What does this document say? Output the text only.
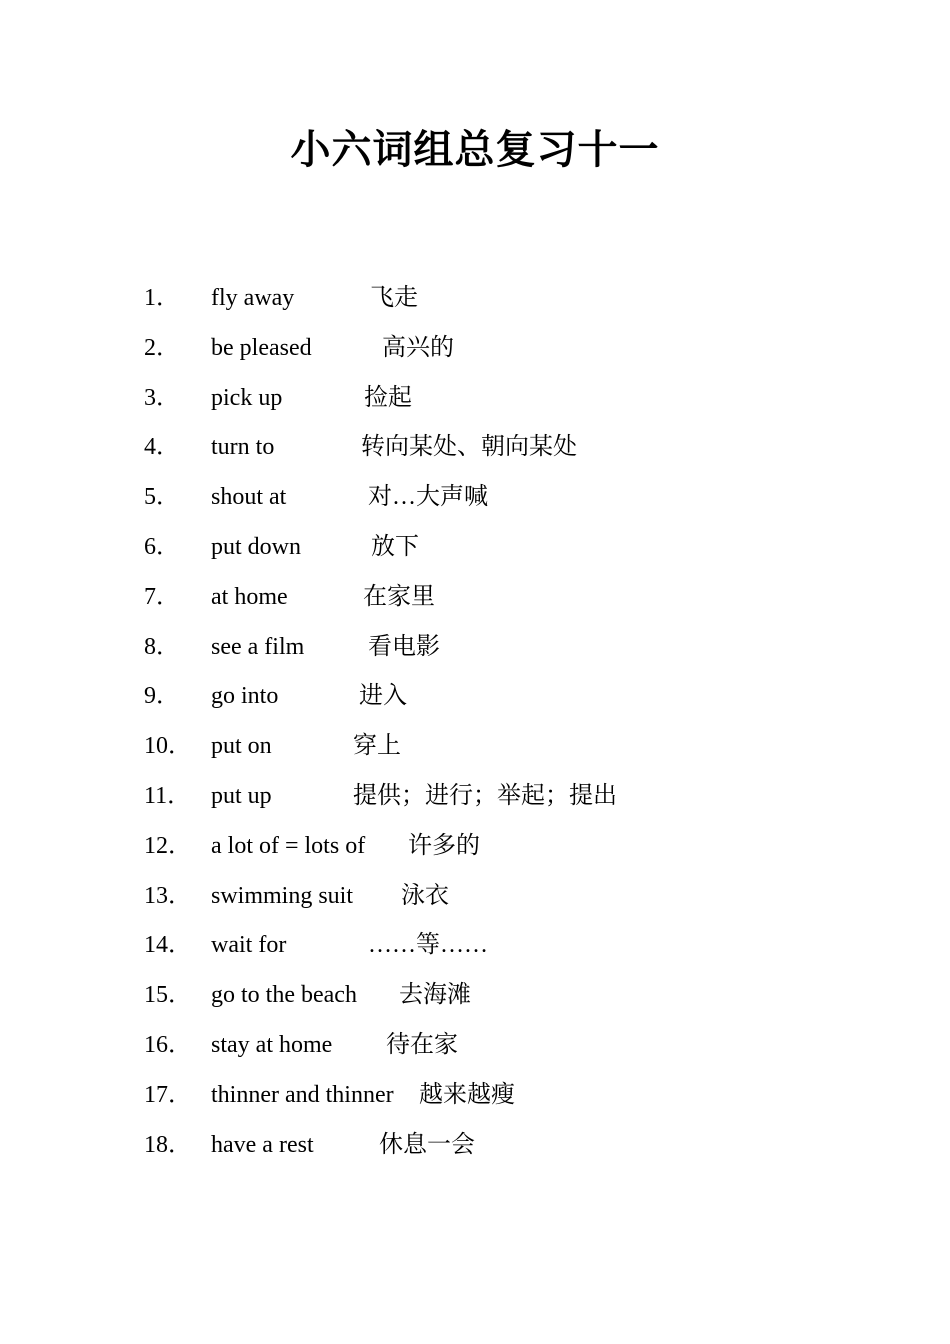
小六词组总复习十一
1． fly away	飞走
2． be pleased	高兴的
3． pick up	捡起
4． turn to	转向某处、朝向某处
5． shout at	对…大声喊
6． put down	放下
7． at home	在家里
8． see a film	看电影
9． go into	进入
10． put on	穿上
11． put up	提供；进行；举起；提出
12． a lot of = lots of 许多的
13． swimming suit 泳衣
14． wait for	……等……
15． go to the beach 去海滩
16． stay at home 待在家
17． thinner and thinner 越来越瘦
18． have a rest	休息一会
